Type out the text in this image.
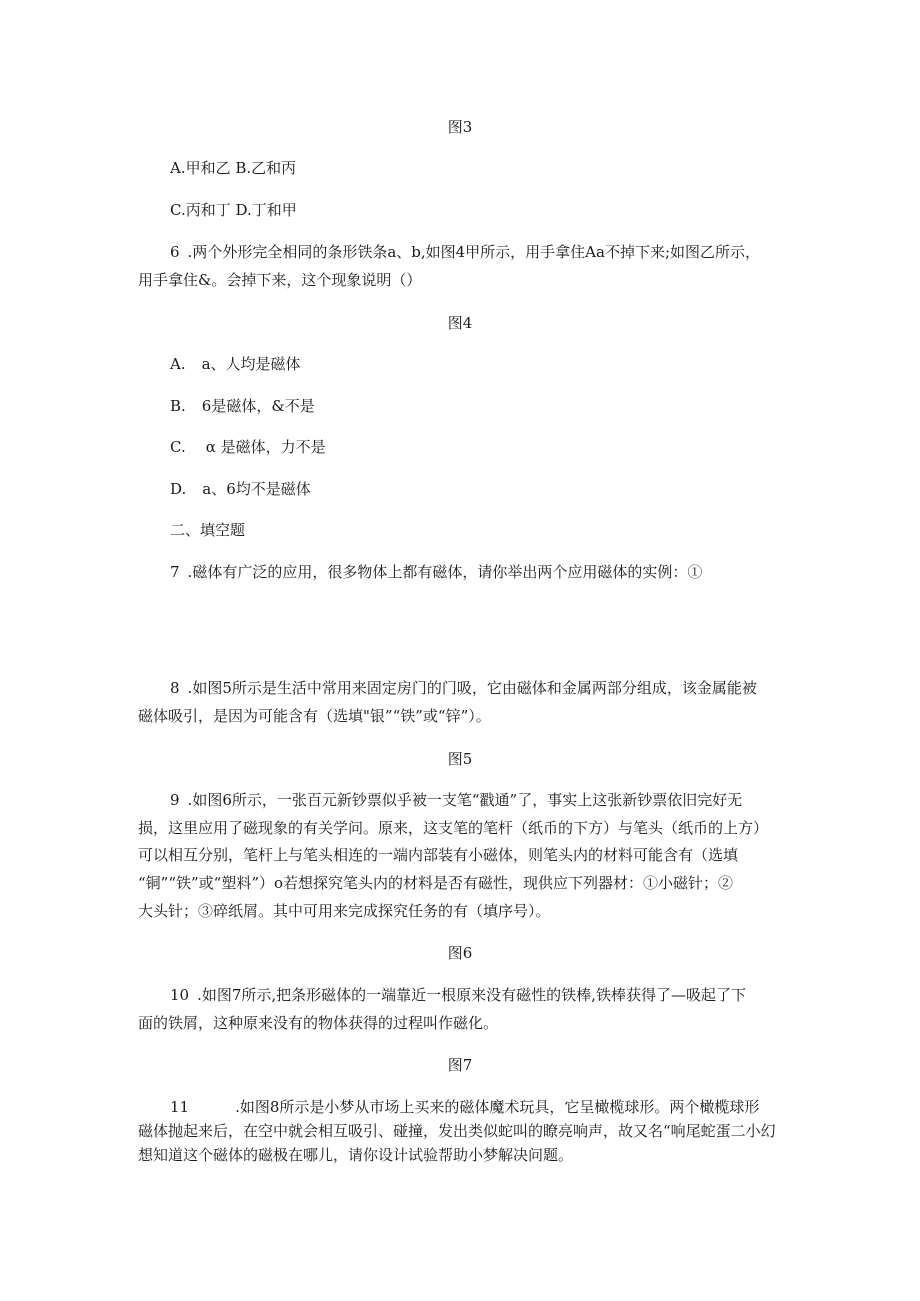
图3
A.甲和乙 B.乙和丙
C.丙和丁 D.丁和甲
6 .两个外形完全相同的条形铁条a、b,如图4甲所示，用手拿住Aa不掉下来;如图乙所示，
用手拿住&。会掉下来，这个现象说明（）
图4
A. a、人均是磁体
B. 6是磁体，&不是
C. α 是磁体，力不是
D. a、6均不是磁体
二、填空题
7 .磁体有广泛的应用，很多物体上都有磁体，请你举出两个应用磁体的实例：①
8 .如图5所示是生活中常用来固定房门的门吸，它由磁体和金属两部分组成，该金属能被
磁体吸引，是因为可能含有（选填"银”“铁”或“锌”）。
图5
9 .如图6所示，一张百元新钞票似乎被一支笔“戳通”了，事实上这张新钞票依旧完好无
损，这里应用了磁现象的有关学问。原来，这支笔的笔杆（纸币的下方）与笔头（纸币的上方）
可以相互分别，笔杆上与笔头相连的一端内部装有小磁体，则笔头内的材料可能含有（选填
“铜”“铁”或“塑料”）o若想探究笔头内的材料是否有磁性，现供应下列器材：①小磁针；②
大头针；③碎纸屑。其中可用来完成探究任务的有（填序号）。
图6
10 .如图7所示,把条形磁体的一端靠近一根原来没有磁性的铁棒,铁棒获得了—吸起了下
面的铁屑，这种原来没有的物体获得的过程叫作磁化。
图7
11	.如图8所示是小梦从市场上买来的磁体魔术玩具，它呈橄榄球形。两个橄榄球形
磁体抛起来后，在空中就会相互吸引、碰撞，发出类似蛇叫的瞭亮响声，故又名“响尾蛇蛋二小幻
想知道这个磁体的磁极在哪儿，请你设计试验帮助小梦解决问题。
